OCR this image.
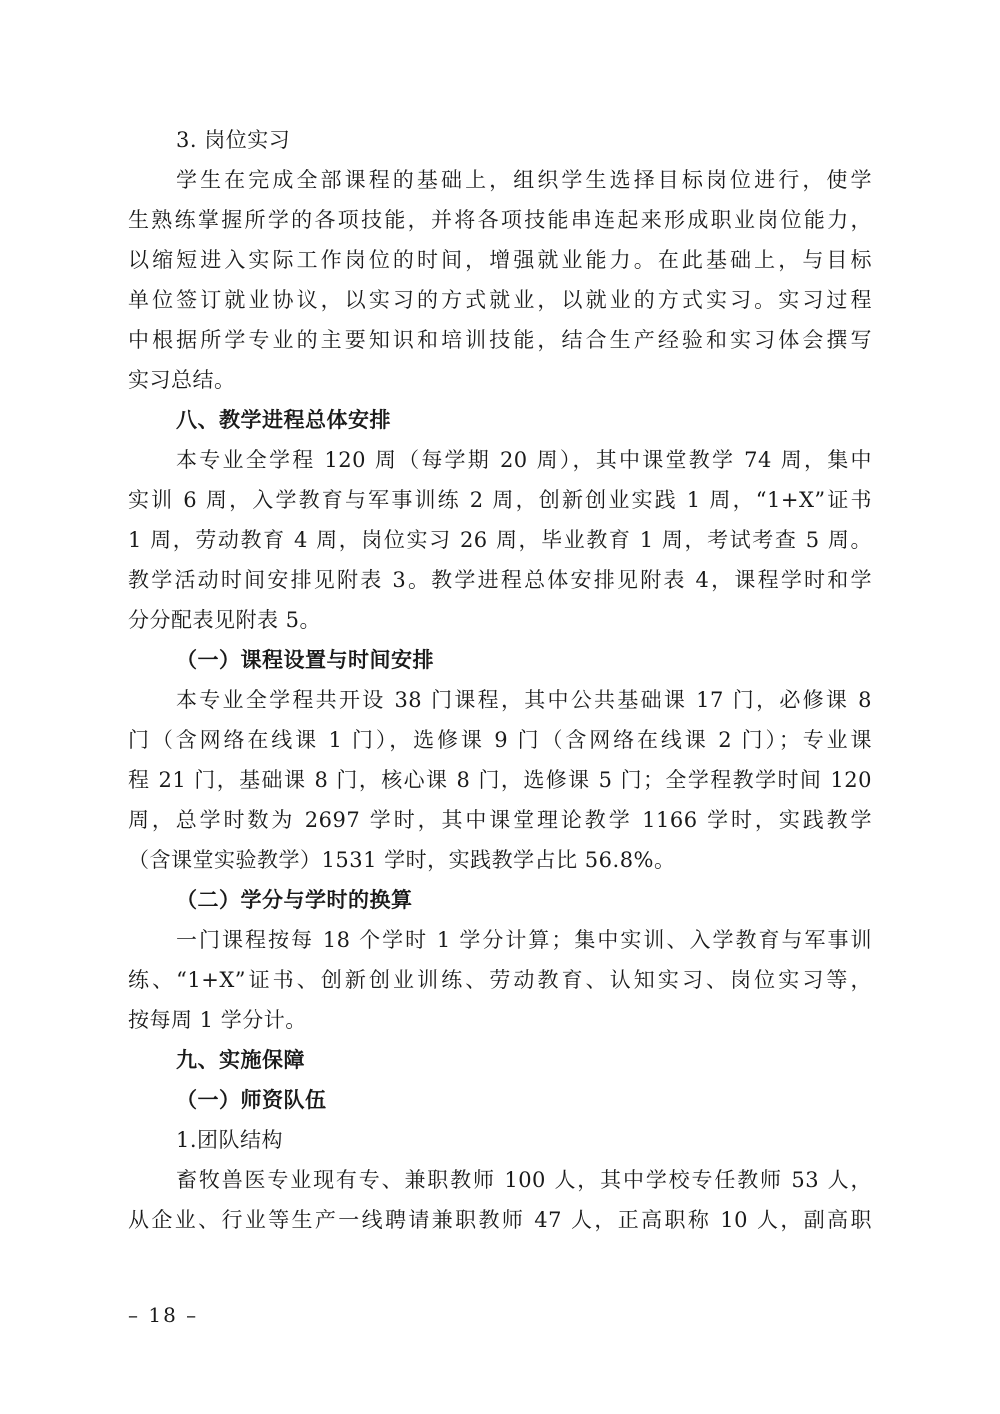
3. 岗位实习
学生在完成全部课程的基础上，组织学生选择目标岗位进行，使学
生熟练掌握所学的各项技能，并将各项技能串连起来形成职业岗位能力，
以缩短进入实际工作岗位的时间，增强就业能力。在此基础上，与目标
单位签订就业协议，以实习的方式就业，以就业的方式实习。实习过程
中根据所学专业的主要知识和培训技能，结合生产经验和实习体会撰写
实习总结。
八、教学进程总体安排
本专业全学程 120 周（每学期 20 周），其中课堂教学 74 周，集中
实训 6 周，入学教育与军事训练 2 周，创新创业实践 1 周，“1+X”证书
1 周，劳动教育 4 周，岗位实习 26 周，毕业教育 1 周，考试考查 5 周。
教学活动时间安排见附表 3。教学进程总体安排见附表 4，课程学时和学
分分配表见附表 5。
（一）课程设置与时间安排
本专业全学程共开设 38 门课程，其中公共基础课 17 门，必修课 8
门（含网络在线课 1 门），选修课 9 门（含网络在线课 2 门）；专业课
程 21 门，基础课 8 门，核心课 8 门，选修课 5 门；全学程教学时间 120
周，总学时数为 2697 学时，其中课堂理论教学 1166 学时，实践教学
（含课堂实验教学）1531 学时，实践教学占比 56.8%。
（二）学分与学时的换算
一门课程按每 18 个学时 1 学分计算；集中实训、入学教育与军事训
练、“1+X”证书、创新创业训练、劳动教育、认知实习、岗位实习等，
按每周 1 学分计。
九、实施保障
（一）师资队伍
1.团队结构
畜牧兽医专业现有专、兼职教师 100 人，其中学校专任教师 53 人，
从企业、行业等生产一线聘请兼职教师 47 人，正高职称 10 人，副高职
– 18 –
